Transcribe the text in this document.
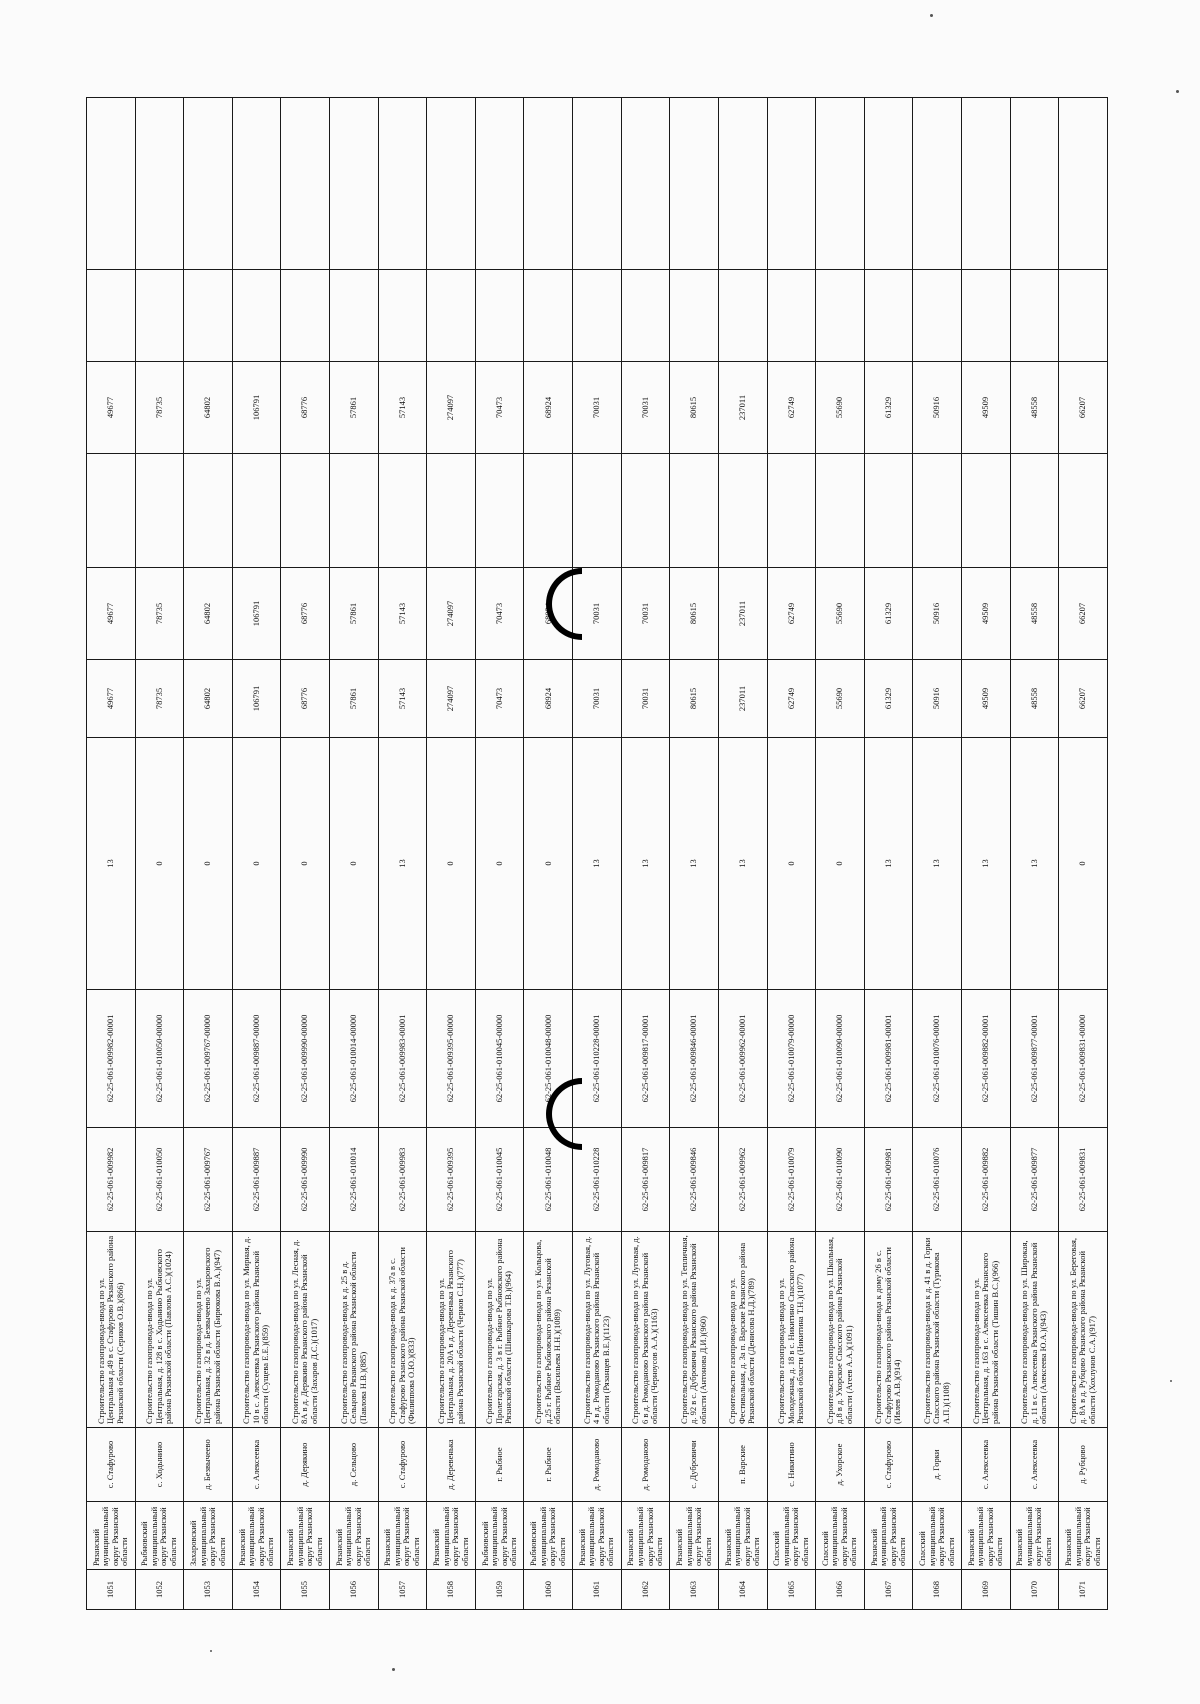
1051	Рязанский муниципальный округ Рязанской области	с. Стафурово	Строительство газопровода-ввода по ул. Центральная д.49 в с. Стафурово Рязанского района Рязанской области (Сериков О.В.)(866)	62-25-061-009982	62-25-061-009982-00001	13	49677	49677		49677		
1052	Рыбновский муниципальный округ Рязанской области	с. Ходынино	Строительство газопровода-ввода по ул. Центральная, д. 128 в с. Ходынино Рыбновского района Рязанской области (Павлова А.С.)(1024)	62-25-061-010050	62-25-061-010050-00000	0	78735	78735		78735		
1053	Захаровский муниципальный округ Рязанской области	д. Безвычеево	Строительство газопровода-ввода по ул. Центральная, д. 32 в д. Безвычеево Захаровского района Рязанской области (Бирюкова В.А.)(947)	62-25-061-009767	62-25-061-009767-00000	0	64802	64802		64802		
1054	Рязанский муниципальный округ Рязанской области	с. Алексеевка	Строительство газопровода-ввода по ул. Мирная, д. 10 в с. Алексеевка Рязанского района Рязанской области (Сущева Е.Е.)(859)	62-25-061-009887	62-25-061-009887-00000	0	106791	106791		106791		
1055	Рязанский муниципальный округ Рязанской области	д. Дерякино	Строительство газопровода-ввода по ул. Лесная, д. 8А в д. Дерякино Рязанского района Рязанской области (Захаров Д.С.)(1017)	62-25-061-009990	62-25-061-009990-00000	0	68776	68776		68776		
1056	Рязанский муниципальный округ Рязанской области	д. Сельцово	Строительство газопровода-ввода к д. 25 в д. Сельцово Рязанского района Рязанской области (Павлова Н.В.)(885)	62-25-061-010014	62-25-061-010014-00000	0	57861	57861		57861		
1057	Рязанский муниципальный округ Рязанской области	с. Стафурово	Строительство газопровода-ввода к д. 37а в с. Стафурово Рязанского района Рязанской области (Филиппова О.Ю.)(833)	62-25-061-009983	62-25-061-009983-00001	13	57143	57143		57143		
1058	Рязанский муниципальный округ Рязанской области	д. Деревенька	Строительство газопровода-ввода по ул. Центральная, д. 20А в д. Деревенька Рязанского района Рязанской области (Чернов С.Н.)(777)	62-25-061-009395	62-25-061-009395-00000	0	274097	274097		274097		
1059	Рыбновский муниципальный округ Рязанской области	г. Рыбное	Строительство газопровода-ввода по ул. Пролетарская, д. 3 в г. Рыбное Рыбновского района Рязанской области (Шишкарова Т.В.)(964)	62-25-061-010045	62-25-061-010045-00000	0	70473	70473		70473		
1060	Рыбновский муниципальный округ Рязанской области	г. Рыбное	Строительство газопровода-ввода по ул. Кольцова, д.25 г. Рыбное Рыбновского района Рязанской области (Васильева Н.Н.)(1089)	62-25-061-010048	62-25-061-010048-00000	0	68924	68924		68924		
1061	Рязанский муниципальный округ Рязанской области	д. Ромоданово	Строительство газопровода-ввода по ул. Луговая, д. 4 в д. Ромоданово Рязанского района Рязанской области (Рязанцев В.Е.)(1123)	62-25-061-010228	62-25-061-010228-00001	13	70031	70031		70031		
1062	Рязанский муниципальный округ Рязанской области	д. Ромоданово	Строительство газопровода-ввода по ул. Луговая, д. 6 в д. Ромоданово Рязанского района Рязанской области (Черноусов А.А.)(1163)	62-25-061-009817	62-25-061-009817-00001	13	70031	70031		70031		
1063	Рязанский муниципальный округ Рязанской области	с. Дубровичи	Строительство газопровода-ввода по ул. Тепличная, д. 92 в с. Дубровичи Рязанского района Рязанской области (Антонова Д.И.)(960)	62-25-061-009846	62-25-061-009846-00001	13	80615	80615		80615		
1064	Рязанский муниципальный округ Рязанской области	п. Варские	Строительство газопровода-ввода по ул. Фестивальная, д. 3а п. Варские Рязанского района Рязанской области (Денисова Н.Д.)(789)	62-25-061-009962	62-25-061-009962-00001	13	237011	237011		237011		
1065	Спасский муниципальный округ Рязанской области	с. Никитино	Строительство газопровода-ввода по ул. Молодежная, д. 18 в с. Никитино Спасского района Рязанской области (Никитина Т.Н.)(1077)	62-25-061-010079	62-25-061-010079-00000	0	62749	62749		62749		
1066	Спасский муниципальный округ Рязанской области	д. Ухорское	Строительство газопровода-ввода по ул. Школьная, д.8 в д. Ухорское Спасского района Рязанской области (Агеев А.А.)(1091)	62-25-061-010090	62-25-061-010090-00000	0	55690	55690		55690		
1067	Рязанский муниципальный округ Рязанской области	с. Стафурово	Строительство газопровода-ввода к дому 26 в с. Стафурово Рязанского района Рязанской области (Ивлев А.В.)(914)	62-25-061-009981	62-25-061-009981-00001	13	61329	61329		61329		
1068	Спасский муниципальный округ Рязанской области	д. Горки	Строительство газопровода-ввода к д. 41 в д. Горки Спасского района Рязанской области (Турикова А.П.)(1108)	62-25-061-010076	62-25-061-010076-00001	13	50916	50916		50916		
1069	Рязанский муниципальный округ Рязанской области	с. Алексеевка	Строительство газопровода-ввода по ул. Центральная, д. 163 в с. Алексеевка Рязанского района Рязанской области (Тишин В.С.)(966)	62-25-061-009882	62-25-061-009882-00001	13	49509	49509		49509		
1070	Рязанский муниципальный округ Рязанской области	с. Алексеевка	Строительство газопровода-ввода по ул. Широкая, д. 11 в с. Алексеевка Рязанского района Рязанской области (Алексеева Ю.А.)(943)	62-25-061-009877	62-25-061-009877-00001	13	48558	48558		48558		
1071	Рязанский муниципальный округ Рязанской области	д. Рубцово	Строительство газопровода-ввода по ул. Береговая, д. 8А в д. Рубцово Рязанского района Рязанской области (Хохлунов С.А.)(917)	62-25-061-009831	62-25-061-009831-00000	0	66207	66207		66207		
